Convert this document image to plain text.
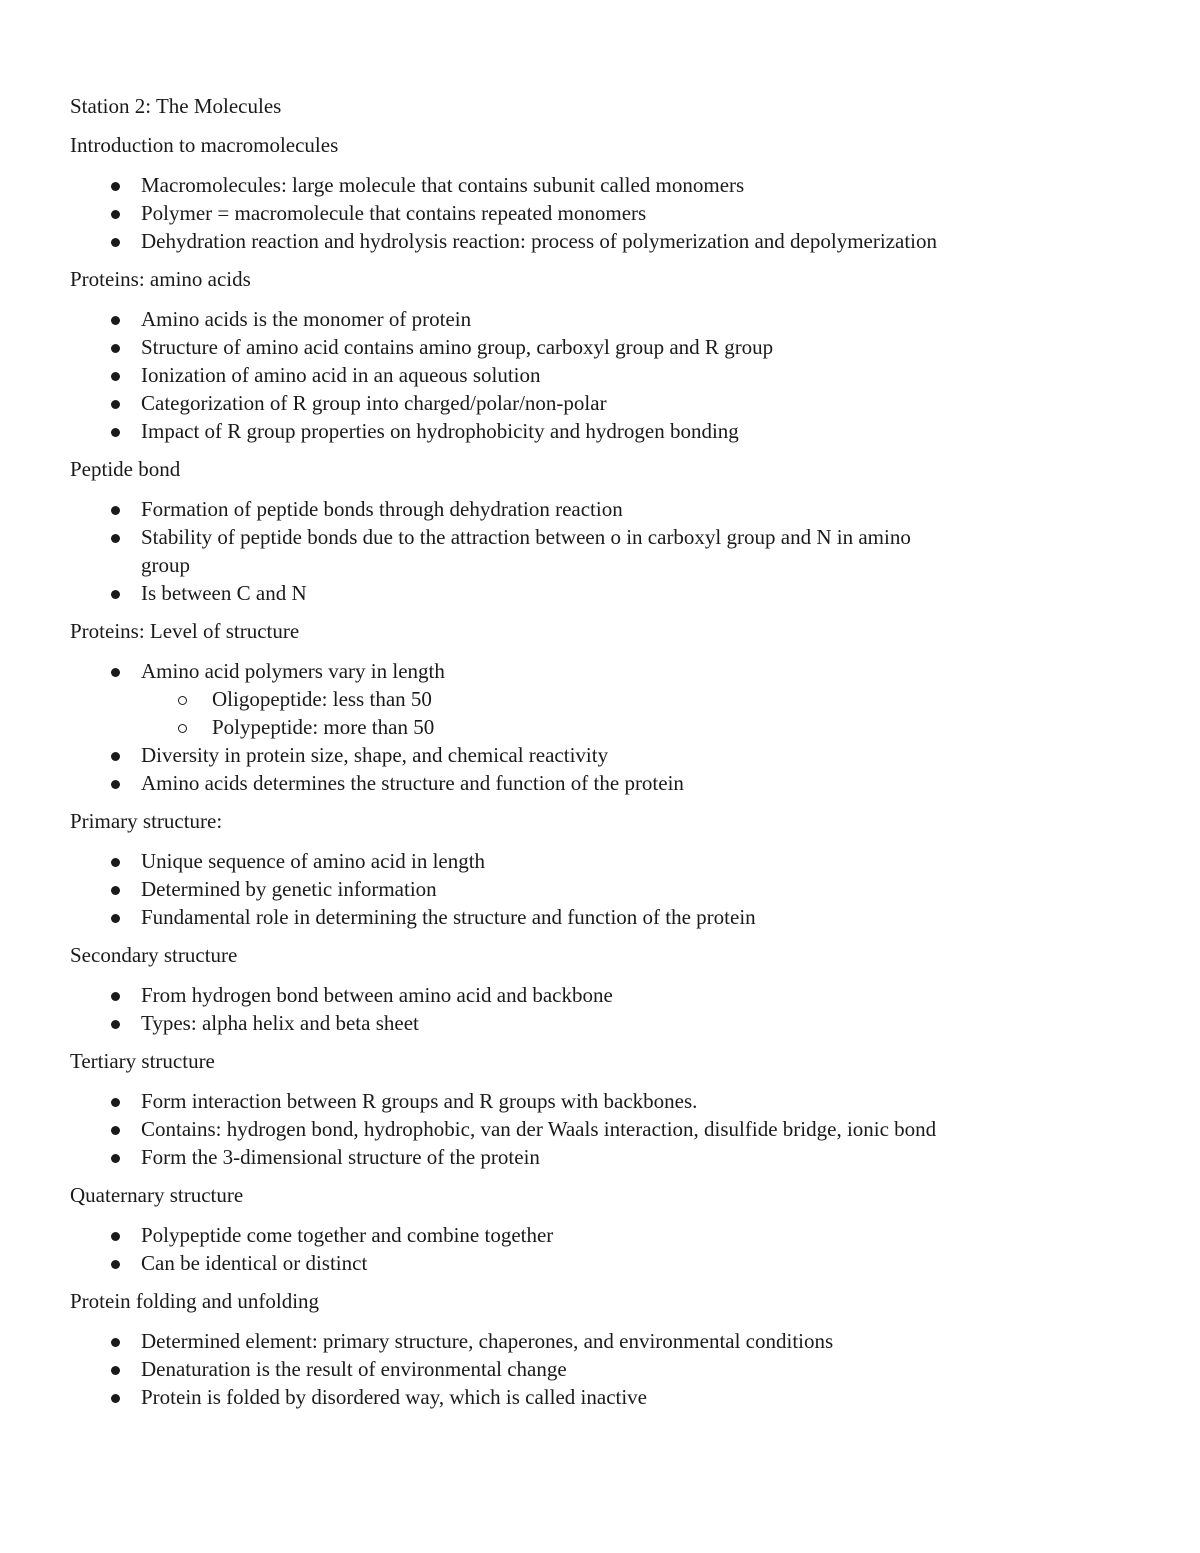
Station 2: The Molecules
Introduction to macromolecules
Macromolecules: large molecule that contains subunit called monomers
Polymer = macromolecule that contains repeated monomers
Dehydration reaction and hydrolysis reaction: process of polymerization and depolymerization
Proteins: amino acids
Amino acids is the monomer of protein
Structure of amino acid contains amino group, carboxyl group and R group
Ionization of amino acid in an aqueous solution
Categorization of R group into charged/polar/non-polar
Impact of R group properties on hydrophobicity and hydrogen bonding
Peptide bond
Formation of peptide bonds through dehydration reaction
Stability of peptide bonds due to the attraction between o in carboxyl group and N in amino group
Is between C and N
Proteins: Level of structure
Amino acid polymers vary in length
Oligopeptide: less than 50
Polypeptide: more than 50
Diversity in protein size, shape, and chemical reactivity
Amino acids determines the structure and function of the protein
Primary structure:
Unique sequence of amino acid in length
Determined by genetic information
Fundamental role in determining the structure and function of the protein
Secondary structure
From hydrogen bond between amino acid and backbone
Types: alpha helix and beta sheet
Tertiary structure
Form interaction between R groups and R groups with backbones.
Contains: hydrogen bond, hydrophobic, van der Waals interaction, disulfide bridge, ionic bond
Form the 3-dimensional structure of the protein
Quaternary structure
Polypeptide come together and combine together
Can be identical or distinct
Protein folding and unfolding
Determined element: primary structure, chaperones, and environmental conditions
Denaturation is the result of environmental change
Protein is folded by disordered way, which is called inactive
